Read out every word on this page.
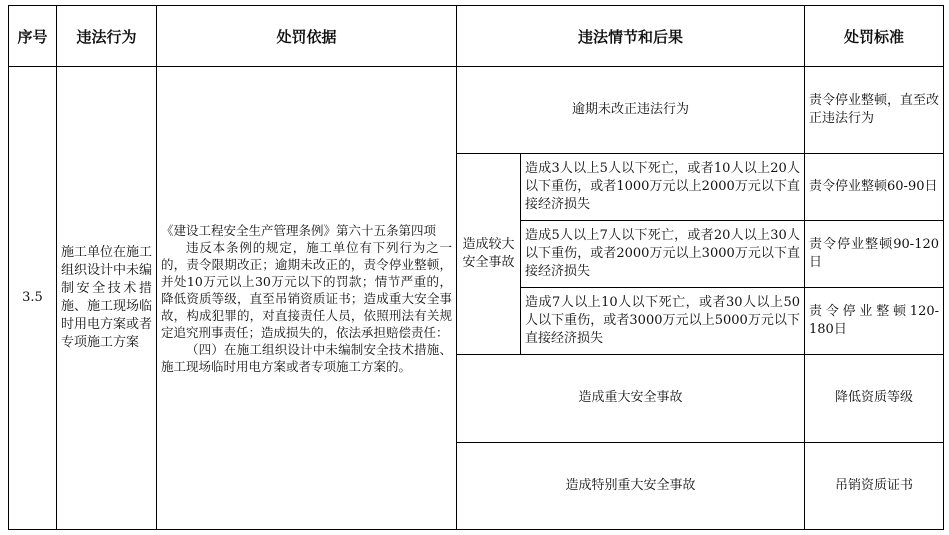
序号	违法行为	处罚依据	违法情节和后果		处罚标准
3.5	施工单位在施工组织设计中未编制安全技术措施、施工现场临时用电方案或者专项施工方案	《建设工程安全生产管理条例》第六十五条第四项

违反本条例的规定，施工单位有下列行为之一的，责令限期改正；逾期未改正的，责令停业整顿，并处10万元以上30万元以下的罚款；情节严重的，降低资质等级，直至吊销资质证书；造成重大安全事故，构成犯罪的，对直接责任人员，依照刑法有关规定追究刑事责任；造成损失的，依法承担赔偿责任：

（四）在施工组织设计中未编制安全技术措施、施工现场临时用电方案或者专项施工方案的。	逾期未改正违法行为		责令停业整顿，直至改正违法行为
			造成较大安全事故	造成3人以上5人以下死亡，或者10人以上20人以下重伤，或者1000万元以上2000万元以下直接经济损失	责令停业整顿60-90日
				造成5人以上7人以下死亡，或者20人以上30人以下重伤，或者2000万元以上3000万元以下直接经济损失	责令停业整顿90-120日
				造成7人以上10人以下死亡，或者30人以上50人以下重伤，或者3000万元以上5000万元以下直接经济损失	责令停业整顿120-180日
			造成重大安全事故		降低资质等级
			造成特别重大安全事故		吊销资质证书
